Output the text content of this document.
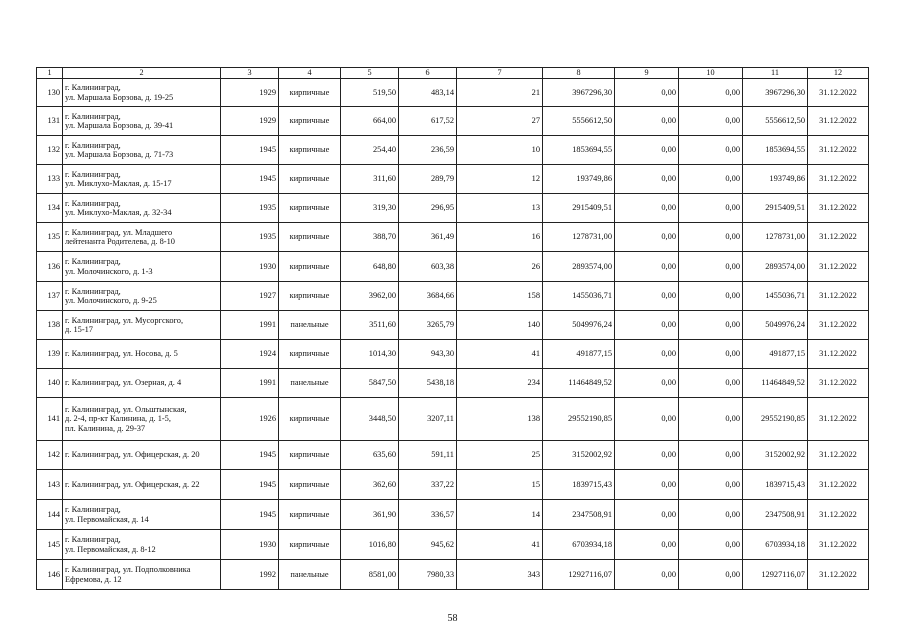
1	2	3	4	5	6	7	8	9	10	11	12
130	г. Калининград,
ул. Маршала Борзова, д. 19-25	1929	кирпичные	519,50	483,14	21	3967296,30	0,00	0,00	3967296,30	31.12.2022
131	г. Калининград,
ул. Маршала Борзова, д. 39-41	1929	кирпичные	664,00	617,52	27	5556612,50	0,00	0,00	5556612,50	31.12.2022
132	г. Калининград,
ул. Маршала Борзова, д. 71-73	1945	кирпичные	254,40	236,59	10	1853694,55	0,00	0,00	1853694,55	31.12.2022
133	г. Калининград,
ул. Миклухо-Маклая, д. 15-17	1945	кирпичные	311,60	289,79	12	193749,86	0,00	0,00	193749,86	31.12.2022
134	г. Калининград,
ул. Миклухо-Маклая, д. 32-34	1935	кирпичные	319,30	296,95	13	2915409,51	0,00	0,00	2915409,51	31.12.2022
135	г. Калининград, ул. Младшего
лейтенанта Родителева, д. 8-10	1935	кирпичные	388,70	361,49	16	1278731,00	0,00	0,00	1278731,00	31.12.2022
136	г. Калининград,
ул. Молочинского, д. 1-3	1930	кирпичные	648,80	603,38	26	2893574,00	0,00	0,00	2893574,00	31.12.2022
137	г. Калининград,
ул. Молочинского, д. 9-25	1927	кирпичные	3962,00	3684,66	158	1455036,71	0,00	0,00	1455036,71	31.12.2022
138	г. Калининград, ул. Мусоргского,
д. 15-17	1991	панельные	3511,60	3265,79	140	5049976,24	0,00	0,00	5049976,24	31.12.2022
139	г. Калининград, ул. Носова, д. 5	1924	кирпичные	1014,30	943,30	41	491877,15	0,00	0,00	491877,15	31.12.2022
140	г. Калининград, ул. Озерная, д. 4	1991	панельные	5847,50	5438,18	234	11464849,52	0,00	0,00	11464849,52	31.12.2022
141	г. Калининград, ул. Ольштынская,
д. 2-4, пр-кт Калинина, д. 1-5,
пл. Калинина, д. 29-37	1926	кирпичные	3448,50	3207,11	138	29552190,85	0,00	0,00	29552190,85	31.12.2022
142	г. Калининград, ул. Офицерская, д. 20	1945	кирпичные	635,60	591,11	25	3152002,92	0,00	0,00	3152002,92	31.12.2022
143	г. Калининград, ул. Офицерская, д. 22	1945	кирпичные	362,60	337,22	15	1839715,43	0,00	0,00	1839715,43	31.12.2022
144	г. Калининград,
ул. Первомайская, д. 14	1945	кирпичные	361,90	336,57	14	2347508,91	0,00	0,00	2347508,91	31.12.2022
145	г. Калининград,
ул. Первомайская, д. 8-12	1930	кирпичные	1016,80	945,62	41	6703934,18	0,00	0,00	6703934,18	31.12.2022
146	г. Калининград, ул. Подполковника
Ефремова, д. 12	1992	панельные	8581,00	7980,33	343	12927116,07	0,00	0,00	12927116,07	31.12.2022
58
